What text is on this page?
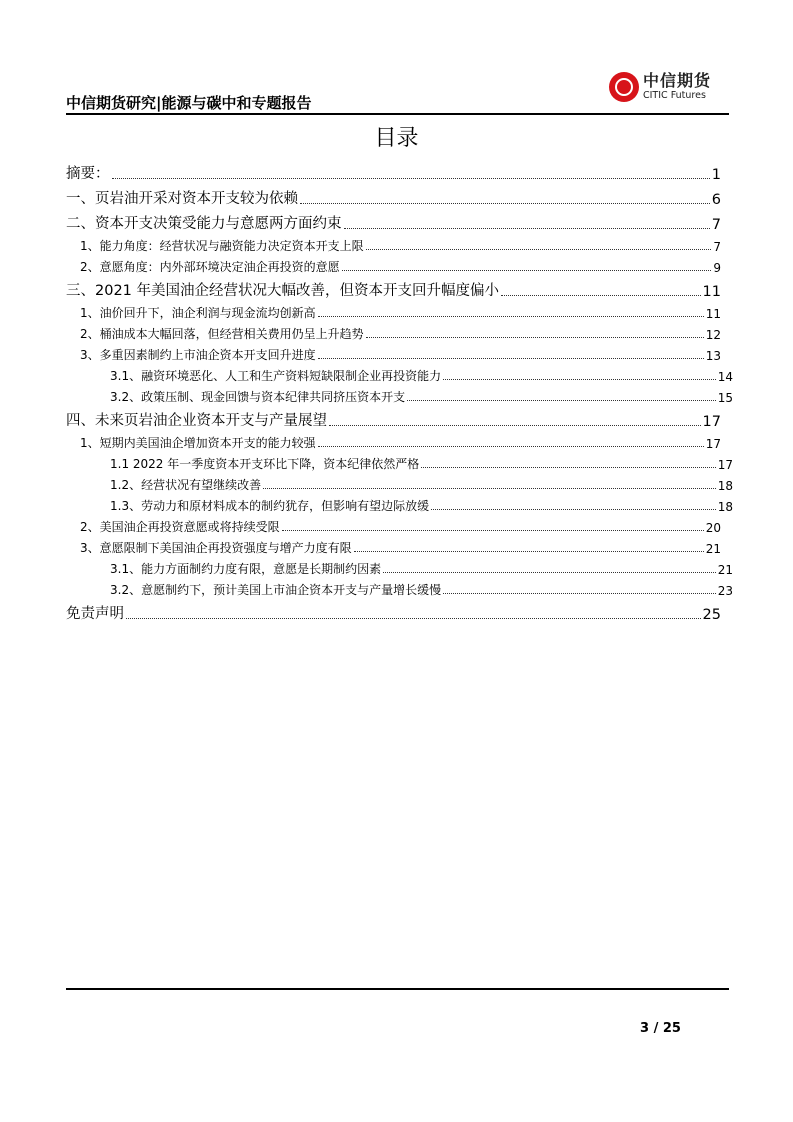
中信期货研究|能源与碳中和专题报告
中信期货
CITIC Futures
目录
摘要：	1
一、页岩油开采对资本开支较为依赖	6
二、资本开支决策受能力与意愿两方面约束	7
1、能力角度：经营状况与融资能力决定资本开支上限	7
2、意愿角度：内外部环境决定油企再投资的意愿	9
三、2021 年美国油企经营状况大幅改善，但资本开支回升幅度偏小	11
1、油价回升下，油企利润与现金流均创新高	11
2、桶油成本大幅回落，但经营相关费用仍呈上升趋势	12
3、多重因素制约上市油企资本开支回升进度	13
3.1、融资环境恶化、人工和生产资料短缺限制企业再投资能力	14
3.2、政策压制、现金回馈与资本纪律共同挤压资本开支	15
四、未来页岩油企业资本开支与产量展望	17
1、短期内美国油企增加资本开支的能力较强	17
1.1 2022 年一季度资本开支环比下降，资本纪律依然严格	17
1.2、经营状况有望继续改善	18
1.3、劳动力和原材料成本的制约犹存，但影响有望边际放缓	18
2、美国油企再投资意愿或将持续受限	20
3、意愿限制下美国油企再投资强度与增产力度有限	21
3.1、能力方面制约力度有限，意愿是长期制约因素	21
3.2、意愿制约下，预计美国上市油企资本开支与产量增长缓慢	23
免责声明	25
3 / 25
